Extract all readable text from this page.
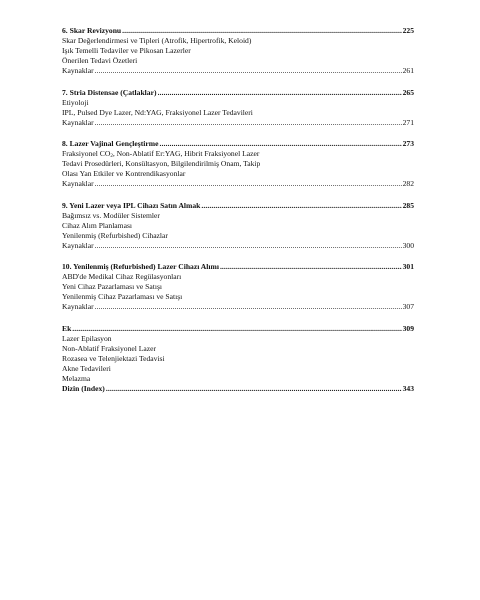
6. Skar Revizyonu .....	225
Skar Değerlendirmesi ve Tipleri (Atrofik, Hipertrofik, Keloid)
Işık Temelli Tedaviler ve Pikosan Lazerler
Önerilen Tedavi Özetleri
Kaynaklar .....	261
7. Stria Distensae (Çatlaklar) .....	265
Etiyoloji
IPL, Pulsed Dye Lazer, Nd:YAG, Fraksiyonel Lazer Tedavileri
Kaynaklar .....	271
8. Lazer Vajinal Gençleştirme .....	273
Fraksiyonel CO2, Non-Ablatif Er:YAG, Hibrit Fraksiyonel Lazer
Tedavi Prosedürleri, Konsültasyon, Bilgilendirilmiş Onam, Takip
Olası Yan Etkiler ve Kontrendikasyonlar
Kaynaklar .....	282
9. Yeni Lazer veya IPL Cihazı Satın Almak .....	285
Bağımsız vs. Modüler Sistemler
Cihaz Alım Planlaması
Yenilenmiş (Refurbished) Cihazlar
Kaynaklar .....	300
10. Yenilenmiş (Refurbished) Lazer Cihazı Alımı .....	301
ABD'de Medikal Cihaz Regülasyonları
Yeni Cihaz Pazarlaması ve Satışı
Yenilenmiş Cihaz Pazarlaması ve Satışı
Kaynaklar .....	307
Ek .....	309
Lazer Epilasyon
Non-Ablatif Fraksiyonel Lazer
Rozasea ve Telenjiektazi Tedavisi
Akne Tedavileri
Melazma
Dizin (Index) .....	343
